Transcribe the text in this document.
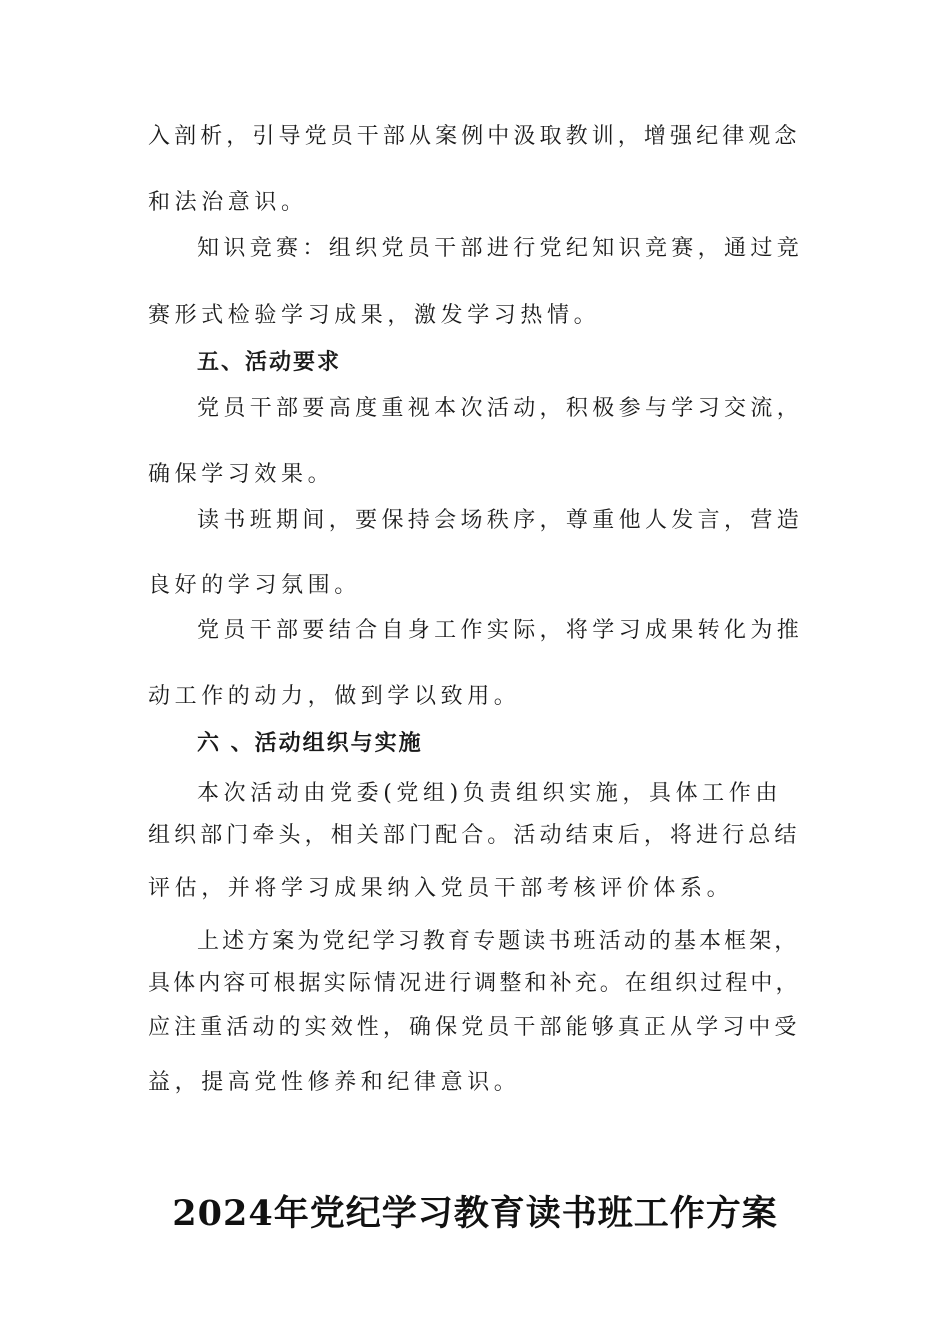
入剖析，引导党员干部从案例中汲取教训，增强纪律观念
和法治意识。
知识竞赛：组织党员干部进行党纪知识竞赛，通过竞
赛形式检验学习成果，激发学习热情。
五、活动要求
党员干部要高度重视本次活动，积极参与学习交流，
确保学习效果。
读书班期间，要保持会场秩序，尊重他人发言，营造
良好的学习氛围。
党员干部要结合自身工作实际，将学习成果转化为推
动工作的动力，做到学以致用。
六 、活动组织与实施
本次活动由党委(党组)负责组织实施，具体工作由
组织部门牵头，相关部门配合。活动结束后，将进行总结
评估，并将学习成果纳入党员干部考核评价体系。
上述方案为党纪学习教育专题读书班活动的基本框架，
具体内容可根据实际情况进行调整和补充。在组织过程中，
应注重活动的实效性，确保党员干部能够真正从学习中受
益，提高党性修养和纪律意识。
2024年党纪学习教育读书班工作方案
